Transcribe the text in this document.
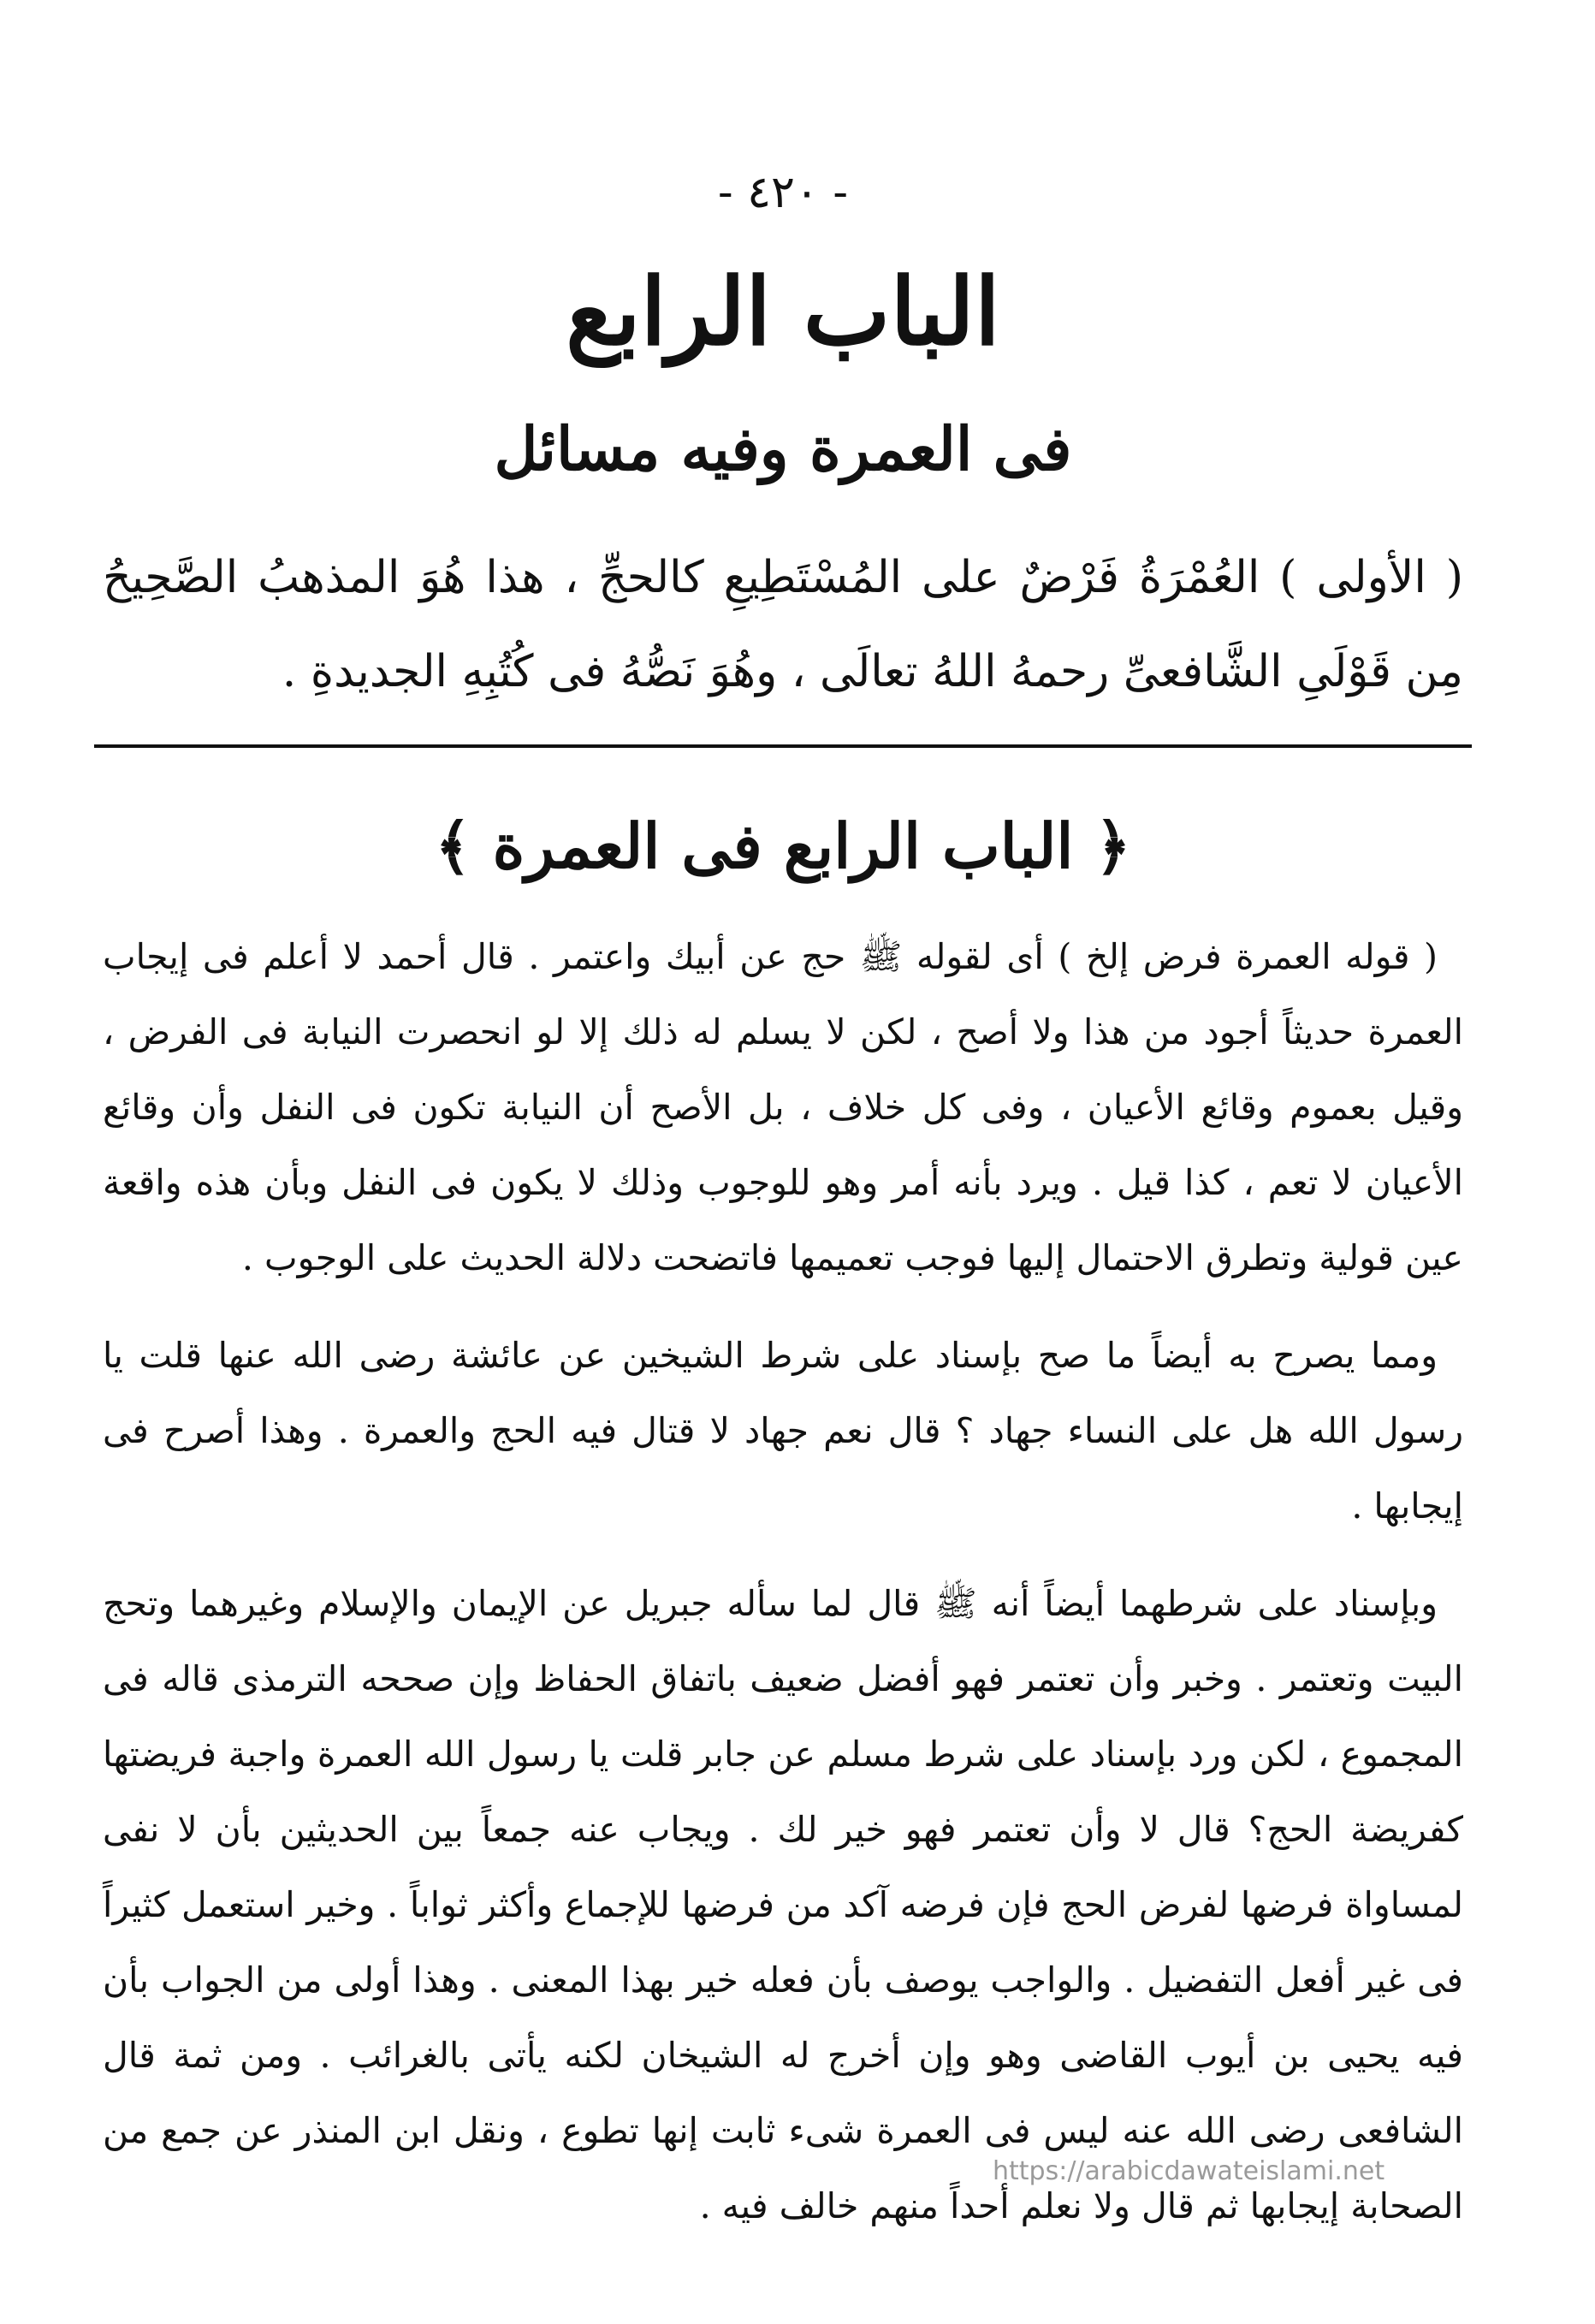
- ٤٢٠ -

الباب الرابع
فى العمرة وفيه مسائل

( الأولى ) العُمْرَةُ فَرْضٌ على المُسْتَطِيعِ كالحجِّ ، هذا هُوَ المذهبُ الصَّحِيحُ مِن قَوْلَىِ الشَّافعىِّ رحمهُ اللهُ تعالَى ، وهُوَ نَصُّهُ فى كُتُبِهِ الجديدةِ .

﴿ الباب الرابع فى العمرة ﴾

( قوله العمرة فرض إلخ ) أى لقوله ﷺ حج عن أبيك واعتمر . قال أحمد لا أعلم فى إيجاب العمرة حديثاً أجود من هذا ولا أصح ، لكن لا يسلم له ذلك إلا لو انحصرت النيابة فى الفرض ، وقيل بعموم وقائع الأعيان ، وفى كل خلاف ، بل الأصح أن النيابة تكون فى النفل وأن وقائع الأعيان لا تعم ، كذا قيل . ويرد بأنه أمر وهو للوجوب وذلك لا يكون فى النفل وبأن هذه واقعة عين قولية وتطرق الاحتمال إليها فوجب تعميمها فاتضحت دلالة الحديث على الوجوب .

ومما يصرح به أيضاً ما صح بإسناد على شرط الشيخين عن عائشة رضى الله عنها قلت يا رسول الله هل على النساء جهاد ؟ قال نعم جهاد لا قتال فيه الحج والعمرة . وهذا أصرح فى إيجابها .

وبإسناد على شرطهما أيضاً أنه ﷺ قال لما سأله جبريل عن الإيمان والإسلام وغيرهما وتحج البيت وتعتمر . وخبر وأن تعتمر فهو أفضل ضعيف باتفاق الحفاظ وإن صححه الترمذى قاله فى المجموع ، لكن ورد بإسناد على شرط مسلم عن جابر قلت يا رسول الله العمرة واجبة فريضتها كفريضة الحج؟ قال لا وأن تعتمر فهو خير لك . ويجاب عنه جمعاً بين الحديثين بأن لا نفى لمساواة فرضها لفرض الحج فإن فرضه آكد من فرضها للإجماع وأكثر ثواباً . وخير استعمل كثيراً فى غير أفعل التفضيل . والواجب يوصف بأن فعله خير بهذا المعنى . وهذا أولى من الجواب بأن فيه يحيى بن أيوب القاضى وهو وإن أخرج له الشيخان لكنه يأتى بالغرائب . ومن ثمة قال الشافعى رضى الله عنه ليس فى العمرة شىء ثابت إنها تطوع ، ونقل ابن المنذر عن جمع من الصحابة إيجابها ثم قال ولا نعلم أحداً منهم خالف فيه .

https://arabicdawateislami.net
